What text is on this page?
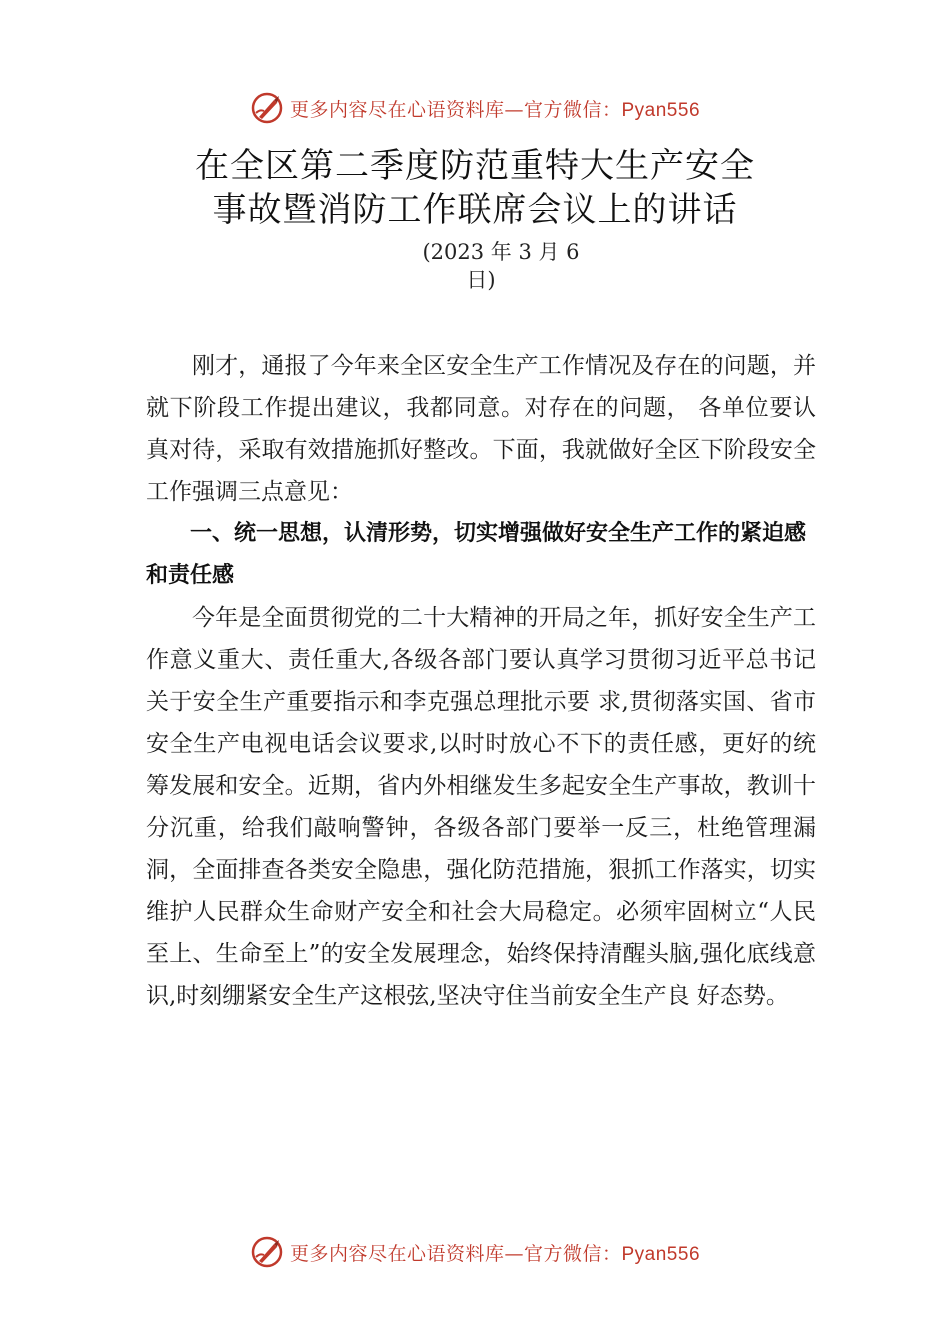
更多内容尽在心语资料库—官方微信：Pyan556
在全区第二季度防范重特大生产安全
事故暨消防工作联席会议上的讲话
(2023 年 3 月 6
日)

刚才，通报了今年来全区安全生产工作情况及存在的问题，并就下阶段工作提出建议，我都同意。对存在的问题， 各单位要认真对待，采取有效措施抓好整改。下面，我就做好全区下阶段安全工作强调三点意见：

一、统一思想，认清形势，切实增强做好安全生产工作的紧迫感和责任感

今年是全面贯彻党的二十大精神的开局之年，抓好安全生产工作意义重大、责任重大,各级各部门要认真学习贯彻习近平总书记关于安全生产重要指示和李克强总理批示要 求,贯彻落实国、省市安全生产电视电话会议要求,以时时放心不下的责任感，更好的统筹发展和安全。近期，省内外相继发生多起安全生产事故，教训十分沉重，给我们敲响警钟，各级各部门要举一反三，杜绝管理漏洞，全面排查各类安全隐患，强化防范措施，狠抓工作落实，切实维护人民群众生命财产安全和社会大局稳定。必须牢固树立“人民至上、生命至上”的安全发展理念，始终保持清醒头脑,强化底线意识,时刻绷紧安全生产这根弦,坚决守住当前安全生产良 好态势。

更多内容尽在心语资料库—官方微信：Pyan556
